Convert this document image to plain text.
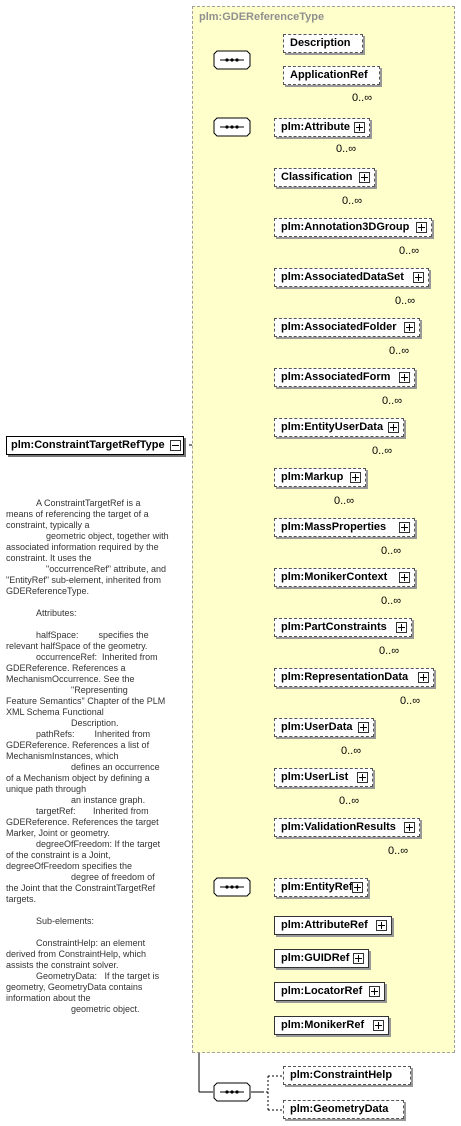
plm:GDEReferenceType
plm:ConstraintTargetRefType
Description
ApplicationRef
0..∞
plm:Attribute
0..∞
Classification
0..∞
plm:Annotation3DGroup
0..∞
plm:AssociatedDataSet
0..∞
plm:AssociatedFolder
0..∞
plm:AssociatedForm
0..∞
plm:EntityUserData
0..∞
plm:Markup
0..∞
plm:MassProperties
0..∞
plm:MonikerContext
0..∞
plm:PartConstraints
0..∞
plm:RepresentationData
0..∞
plm:UserData
0..∞
plm:UserList
0..∞
plm:ValidationResults
0..∞
plm:EntityRef
plm:AttributeRef
plm:GUIDRef
plm:LocatorRef
plm:MonikerRef
plm:ConstraintHelp
plm:GeometryData
A ConstraintTargetRef is a
means of referencing the target of a
constraint, typically a
geometric object, together with
associated information required by the
constraint. It uses the
"occurrenceRef" attribute, and
"EntityRef" sub-element, inherited from
GDEReferenceType.

Attributes:

halfSpace:        specifies the
relevant halfSpace of the geometry.
occurrenceRef:  Inherited from
GDEReference. References a
MechanismOccurrence. See the
"Representing
Feature Semantics" Chapter of the PLM
XML Schema Functional
Description.
pathRefs:        Inherited from
GDEReference. References a list of
MechanismInstances, which
defines an occurrence
of a Mechanism object by defining a
unique path through
an instance graph.
targetRef:       Inherited from
GDEReference. References the target
Marker, Joint or geometry.
degreeOfFreedom: If the target
of the constraint is a Joint,
degreeOfFreedom specifies the
degree of freedom of
the Joint that the ConstraintTargetRef
targets.

Sub-elements:

ConstraintHelp: an element
derived from ConstraintHelp, which
assists the constraint solver.
GeometryData:   If the target is
geometry, GeometryData contains
information about the
geometric object.
